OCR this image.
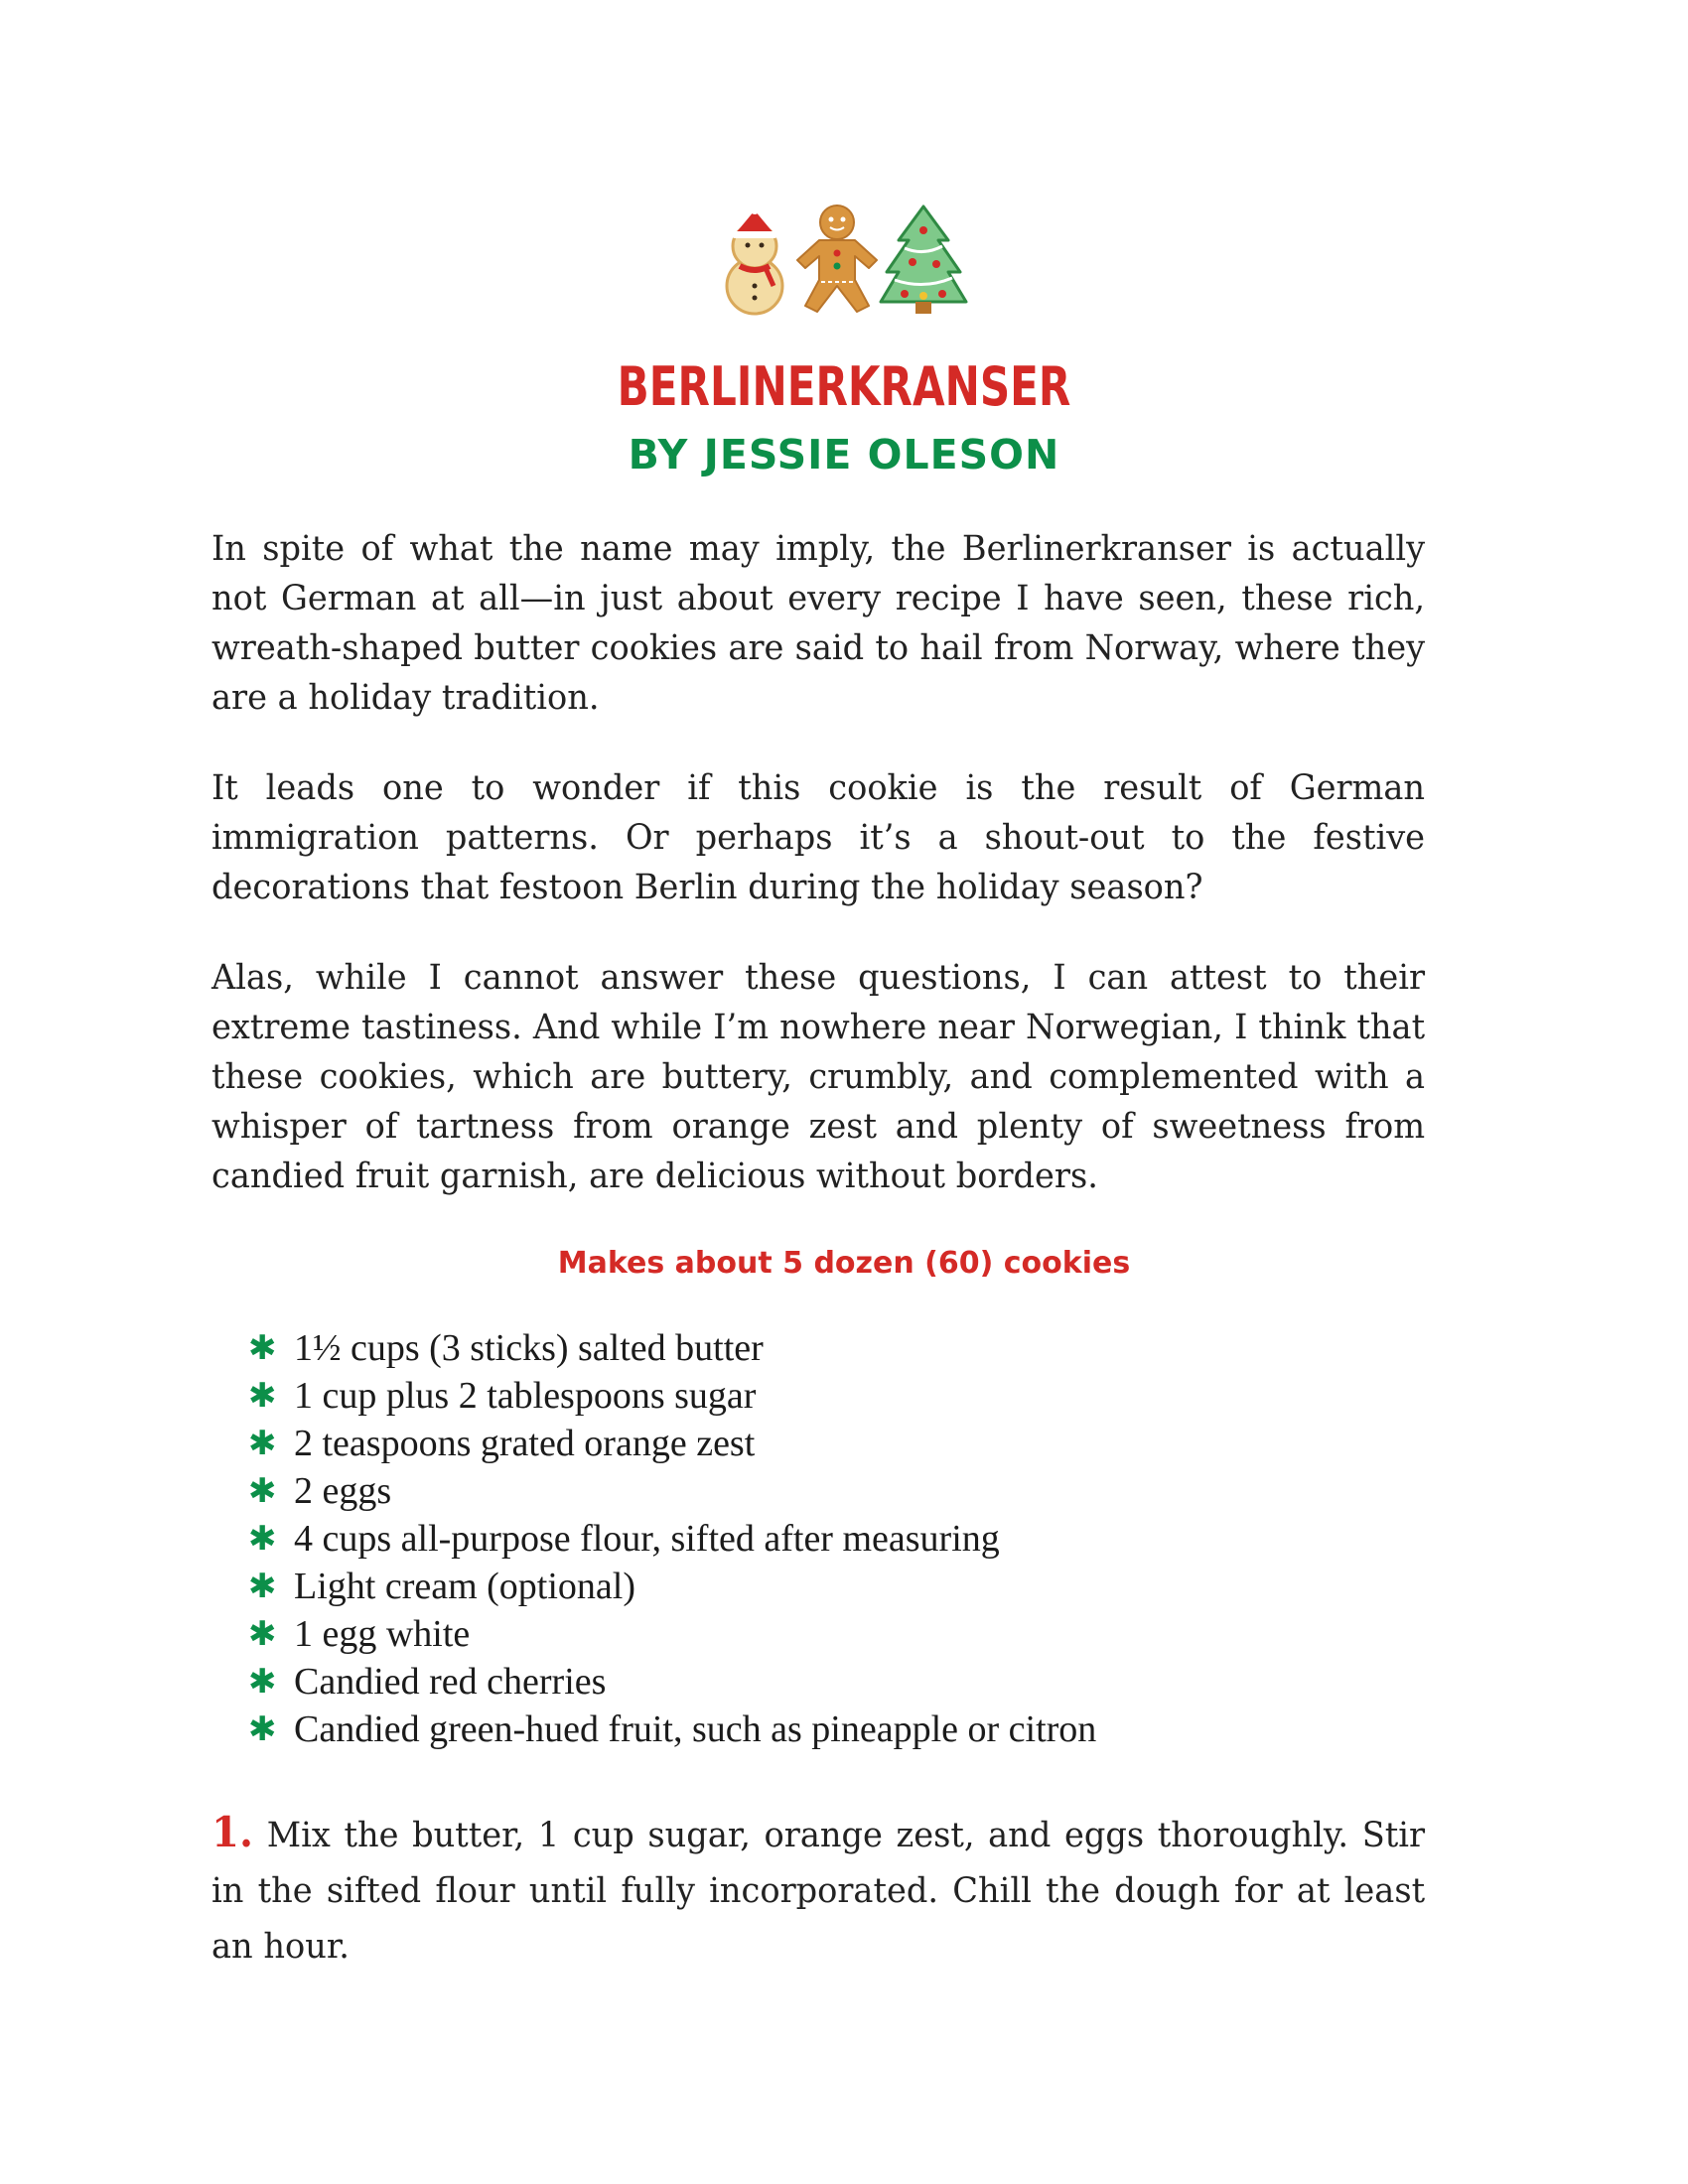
BERLINERKRANSER
BY JESSIE OLESON

In spite of what the name may imply, the Berlinerkranser is actually not German at all—in just about every recipe I have seen, these rich, wreath-shaped butter cookies are said to hail from Norway, where they are a holiday tradition.

It leads one to wonder if this cookie is the result of German immigration patterns. Or perhaps it’s a shout-out to the festive decorations that festoon Berlin during the holiday season?

Alas, while I cannot answer these questions, I can attest to their extreme tastiness. And while I’m nowhere near Norwegian, I think that these cookies, which are buttery, crumbly, and complemented with a whisper of tartness from orange zest and plenty of sweetness from candied fruit garnish, are delicious without borders.

Makes about 5 dozen (60) cookies
✱ 1½ cups (3 sticks) salted butter
✱ 1 cup plus 2 tablespoons sugar
✱ 2 teaspoons grated orange zest
✱ 2 eggs
✱ 4 cups all-purpose flour, sifted after measuring
✱ Light cream (optional)
✱ 1 egg white
✱ Candied red cherries
✱ Candied green-hued fruit, such as pineapple or citron

1. Mix the butter, 1 cup sugar, orange zest, and eggs thoroughly. Stir in the sifted flour until fully incorporated. Chill the dough for at least an hour.
